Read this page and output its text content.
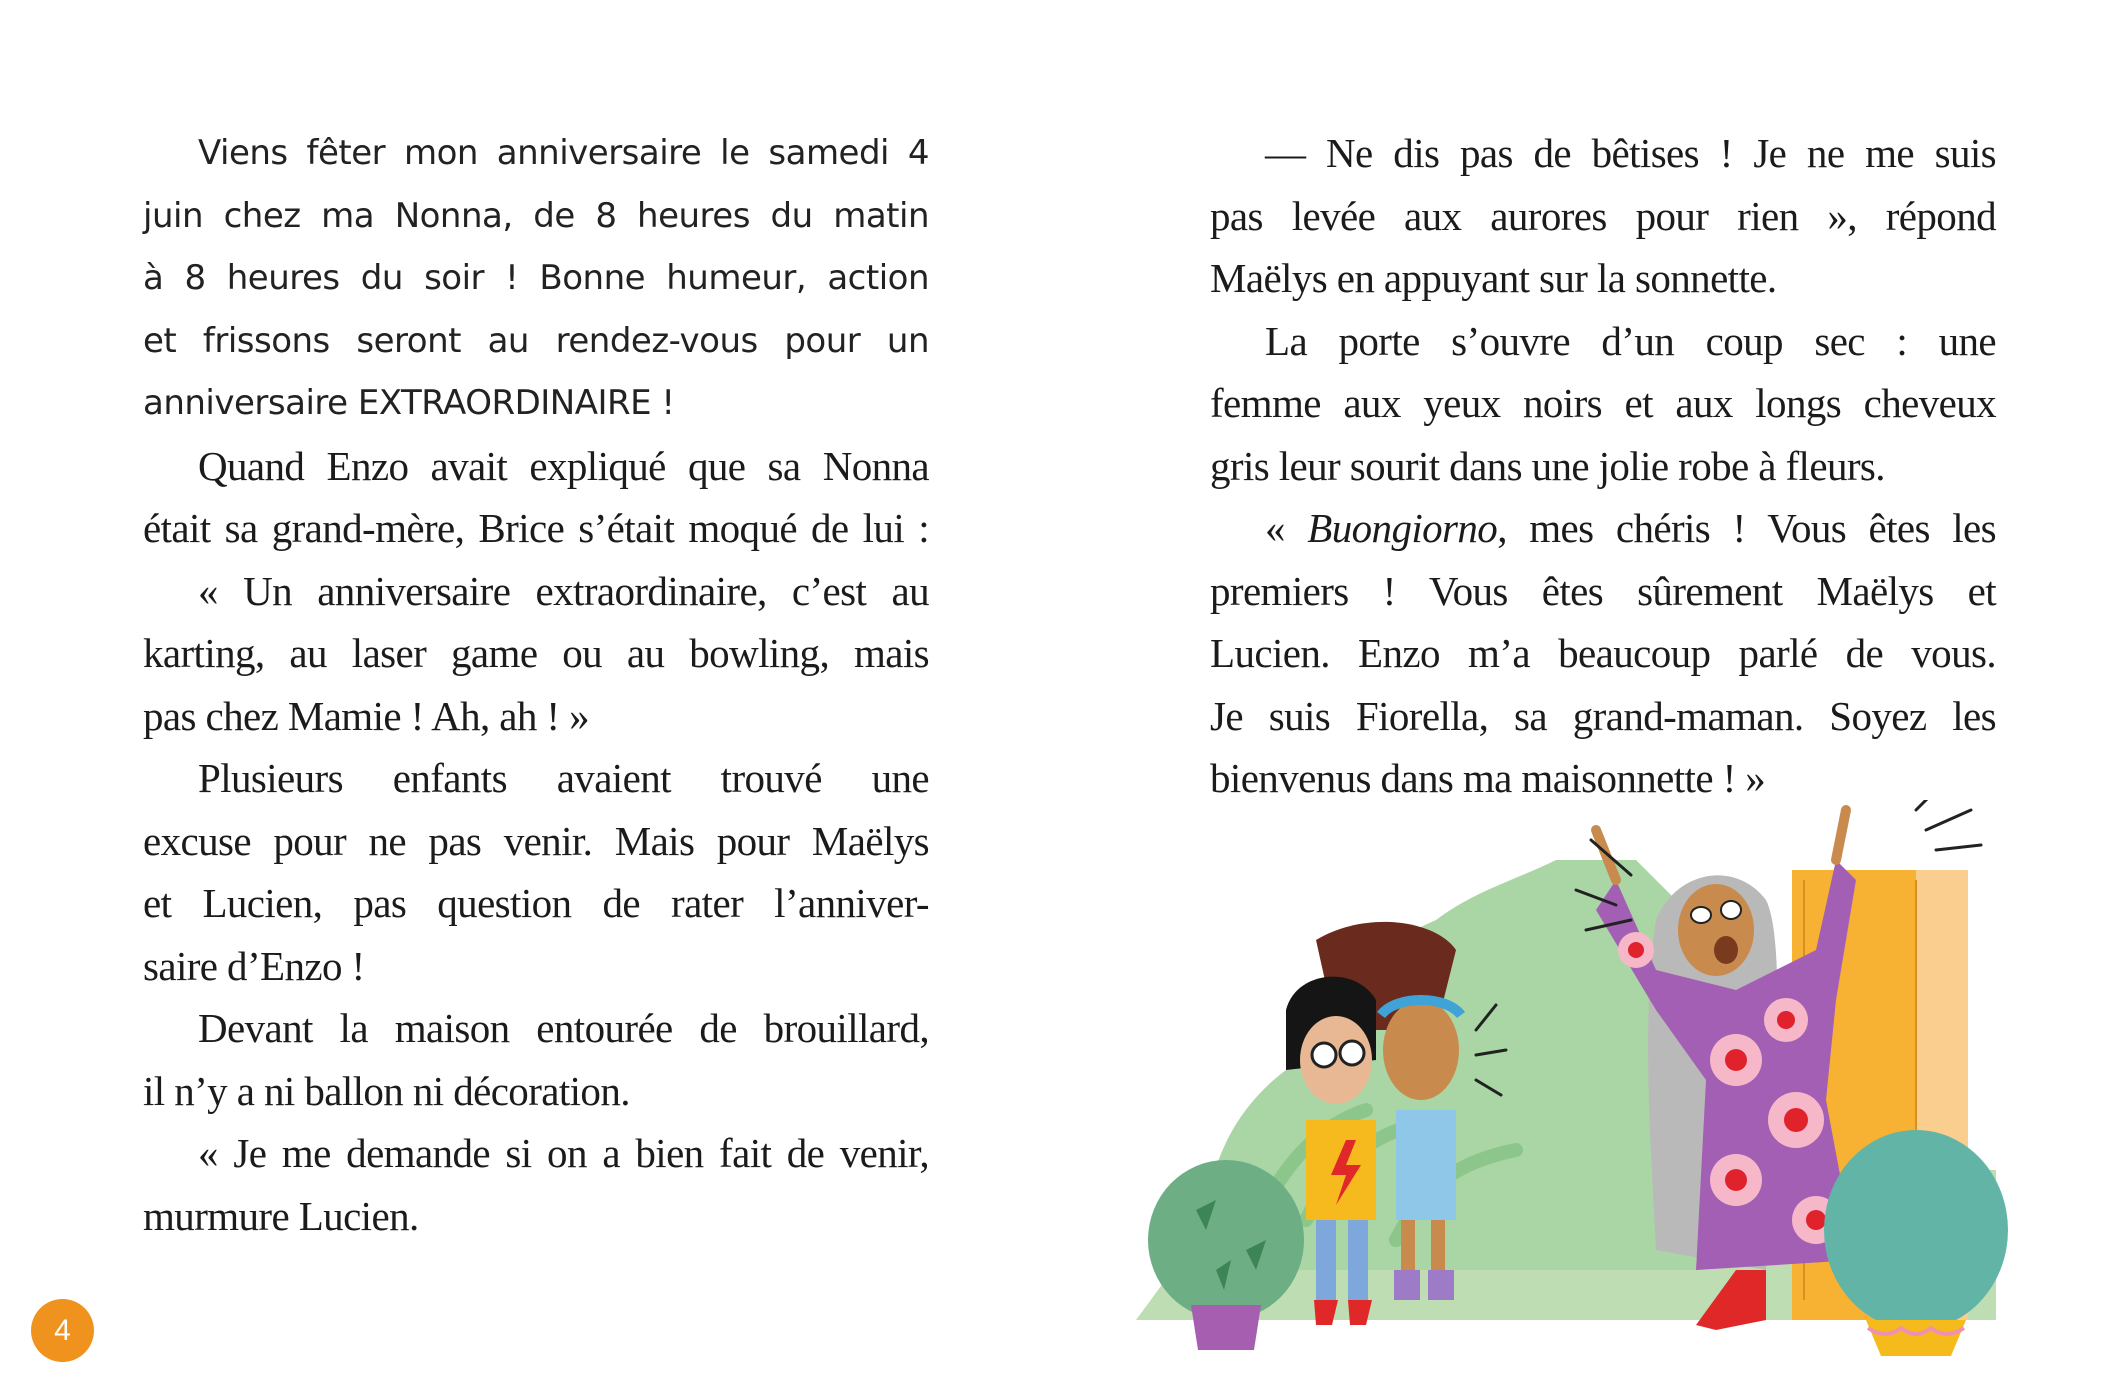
Viens fêter mon anniversaire le samedi 4
juin chez ma Nonna, de 8 heures du matin
à 8 heures du soir ! Bonne humeur, action
et frissons seront au rendez-vous pour un
anniversaire EXTRAORDINAIRE !
Quand Enzo avait expliqué que sa Nonna
était sa grand-mère, Brice s’était moqué de lui :
« Un anniversaire extraordinaire, c’est au
karting, au laser game ou au bowling, mais
pas chez Mamie ! Ah, ah ! »
Plusieurs enfants avaient trouvé une
excuse pour ne pas venir. Mais pour Maëlys
et Lucien, pas question de rater l’anniver-
saire d’Enzo !
Devant la maison entourée de brouillard,
il n’y a ni ballon ni décoration.
« Je me demande si on a bien fait de venir,
murmure Lucien.
4
— Ne dis pas de bêtises ! Je ne me suis
pas levée aux aurores pour rien », répond
Maëlys en appuyant sur la sonnette.
La porte s’ouvre d’un coup sec : une
femme aux yeux noirs et aux longs cheveux
gris leur sourit dans une jolie robe à fleurs.
« Buongiorno, mes chéris ! Vous êtes les
premiers ! Vous êtes sûrement Maëlys et
Lucien. Enzo m’a beaucoup parlé de vous.
Je suis Fiorella, sa grand-maman. Soyez les
bienvenus dans ma maisonnette ! »
